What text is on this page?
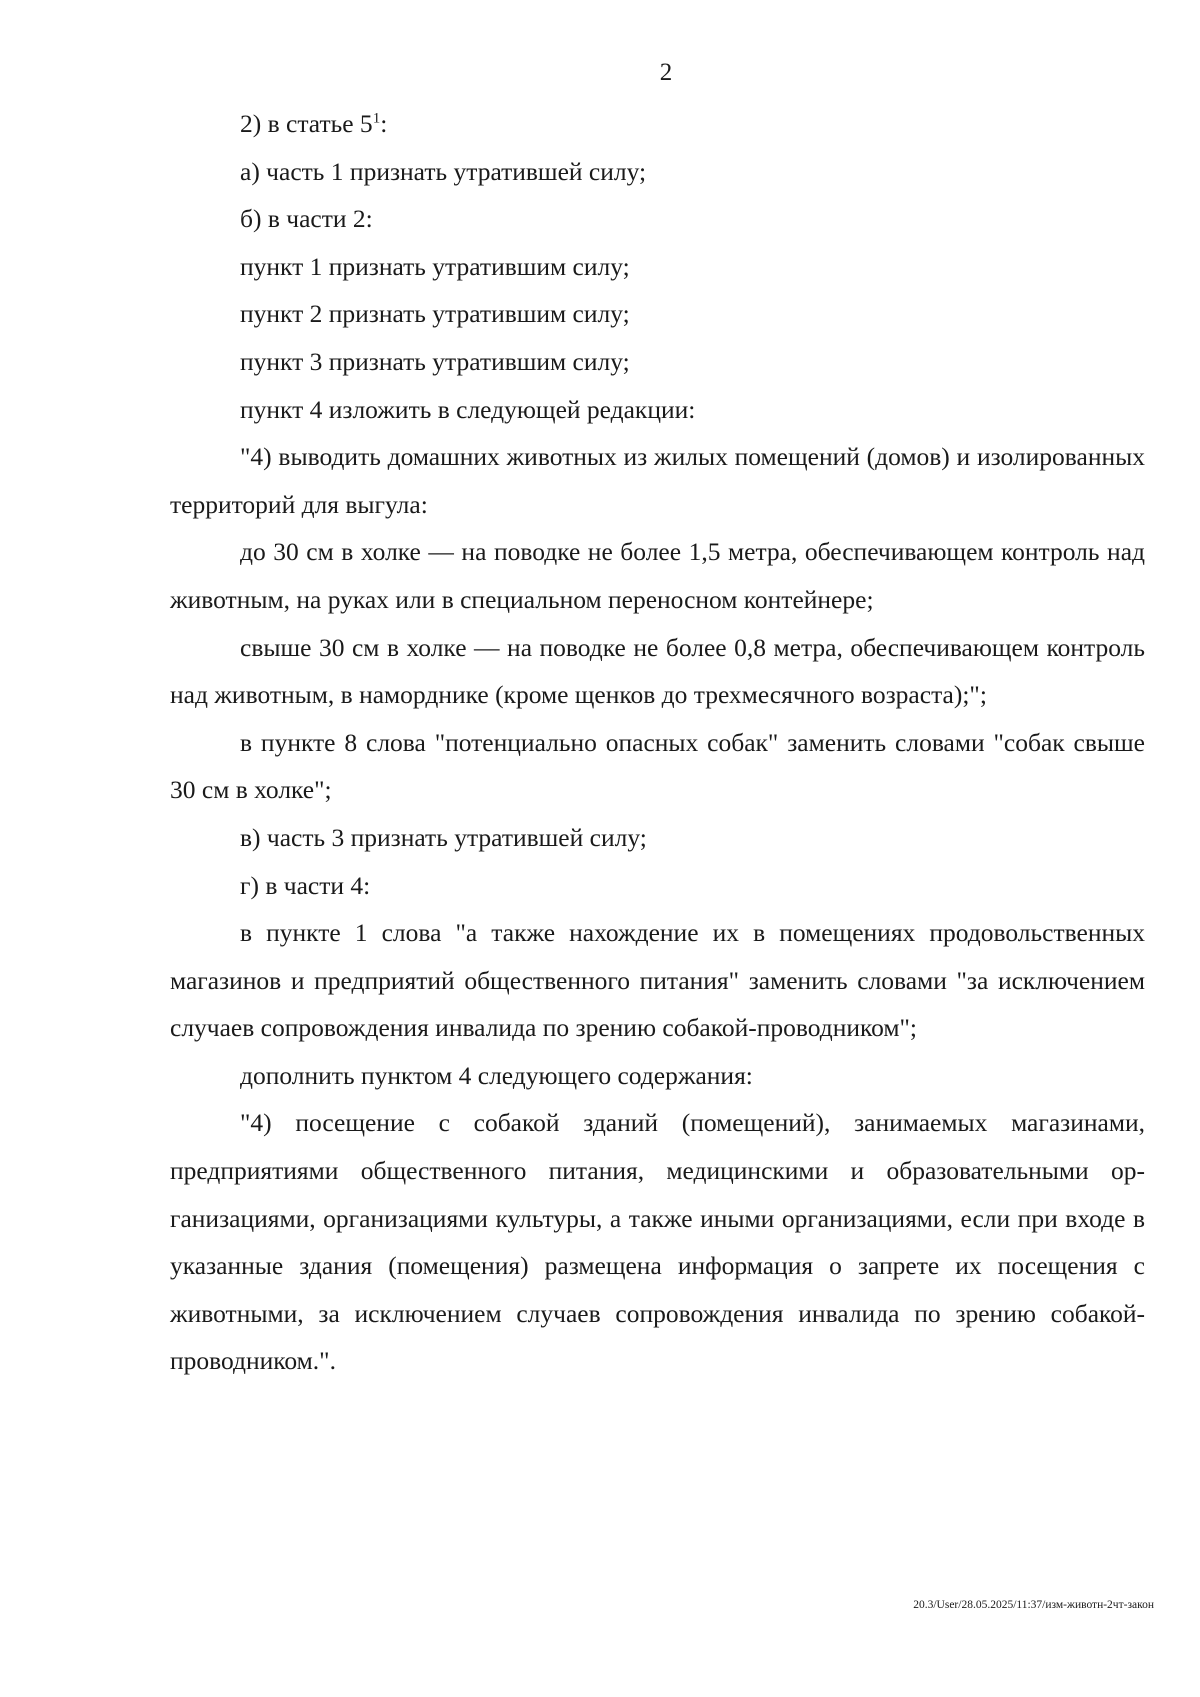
2

2) в статье $5^1$:

а) часть 1 признать утратившей силу;

б) в части 2:

пункт 1 признать утратившим силу;

пункт 2 признать утратившим силу;

пункт 3 признать утратившим силу;

пункт 4 изложить в следующей редакции:

"4) выводить домашних животных из жилых помещений (домов) и изолированных территорий для выгула:

до 30 см в холке — на поводке не более 1,5 метра, обеспечивающем контроль над животным, на руках или в специальном переносном контейнере;

свыше 30 см в холке — на поводке не более 0,8 метра, обеспечивающем контроль над животным, в наморднике (кроме щенков до трехмесячного возраста);";

в пункте 8 слова "потенциально опасных собак" заменить словами "собак свыше 30 см в холке";

в) часть 3 признать утратившей силу;

г) в части 4:

в пункте 1 слова "а также нахождение их в помещениях продовольственных магазинов и предприятий общественного питания" заменить словами "за исключением случаев сопровождения инвалида по зрению собакой-проводником";

дополнить пунктом 4 следующего содержания:

"4) посещение с собакой зданий (помещений), занимаемых магазинами, предприятиями общественного питания, медицинскими и образовательными организациями, организациями культуры, а также иными организациями, если при входе в указанные здания (помещения) размещена информация о запрете их посещения с животными, за исключением случаев сопровождения инвалида по зрению собакой-проводником.".

20.3/User/28.05.2025/11:37/изм-животн-2чт-закон
